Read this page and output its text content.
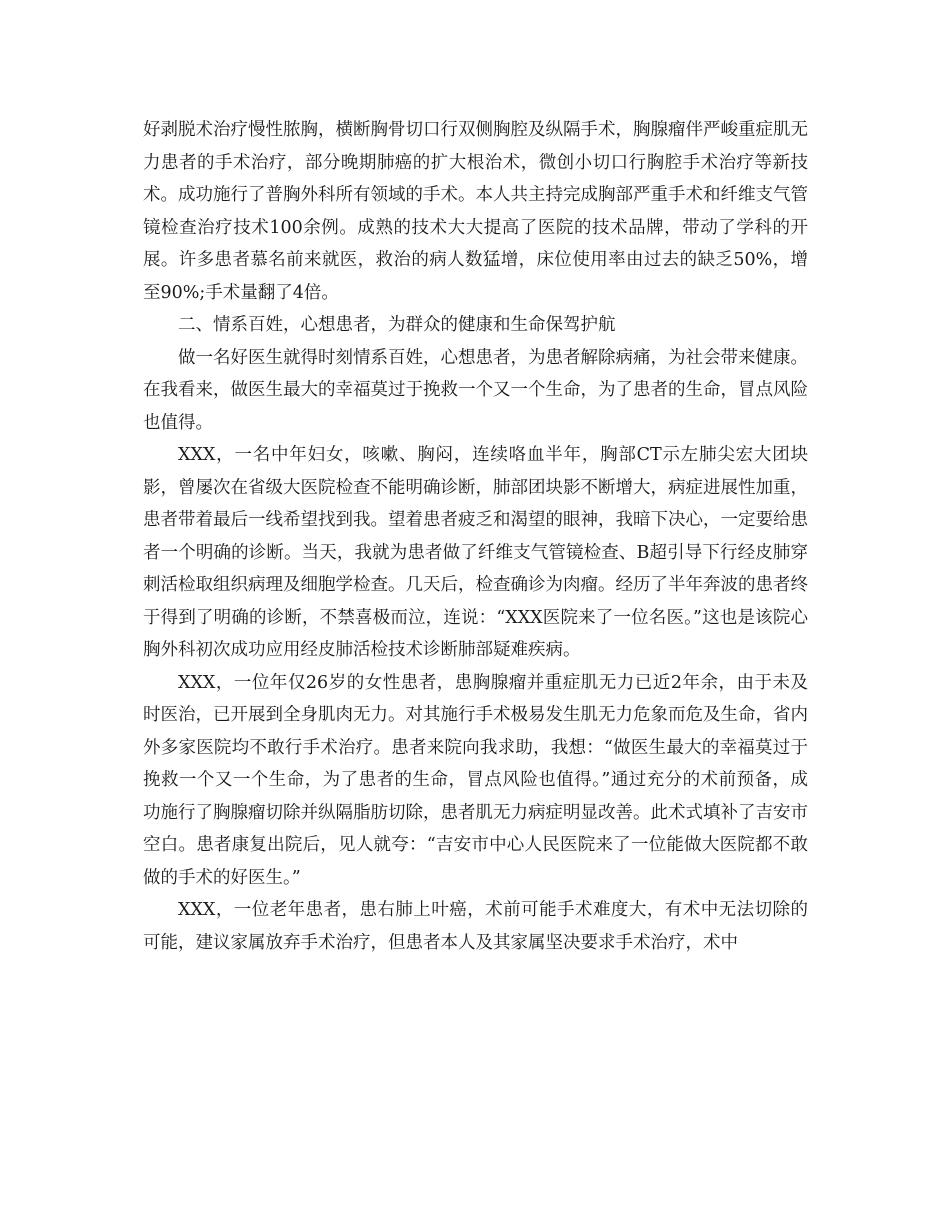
好剥脱术治疗慢性脓胸，横断胸骨切口行双侧胸腔及纵隔手术，胸腺瘤伴严峻重症肌无力患者的手术治疗，部分晚期肺癌的扩大根治术，微创小切口行胸腔手术治疗等新技术。成功施行了普胸外科所有领域的手术。本人共主持完成胸部严重手术和纤维支气管镜检查治疗技术100余例。成熟的技术大大提高了医院的技术品牌，带动了学科的开展。许多患者慕名前来就医，救治的病人数猛增，床位使用率由过去的缺乏50%，增至90%;手术量翻了4倍。

二、情系百姓，心想患者，为群众的健康和生命保驾护航

做一名好医生就得时刻情系百姓，心想患者，为患者解除病痛，为社会带来健康。在我看来，做医生最大的幸福莫过于挽救一个又一个生命，为了患者的生命，冒点风险也值得。

XXX，一名中年妇女，咳嗽、胸闷，连续咯血半年，胸部CT示左肺尖宏大团块影，曾屡次在省级大医院检查不能明确诊断，肺部团块影不断增大，病症进展性加重，患者带着最后一线希望找到我。望着患者疲乏和渴望的眼神，我暗下决心，一定要给患者一个明确的诊断。当天，我就为患者做了纤维支气管镜检查、B超引导下行经皮肺穿刺活检取组织病理及细胞学检查。几天后，检查确诊为肉瘤。经历了半年奔波的患者终于得到了明确的诊断，不禁喜极而泣，连说：“XXX医院来了一位名医。”这也是该院心胸外科初次成功应用经皮肺活检技术诊断肺部疑难疾病。

XXX，一位年仅26岁的女性患者，患胸腺瘤并重症肌无力已近2年余，由于未及时医治，已开展到全身肌肉无力。对其施行手术极易发生肌无力危象而危及生命，省内外多家医院均不敢行手术治疗。患者来院向我求助，我想：“做医生最大的幸福莫过于挽救一个又一个生命，为了患者的生命，冒点风险也值得。”通过充分的术前预备，成功施行了胸腺瘤切除并纵隔脂肪切除，患者肌无力病症明显改善。此术式填补了吉安市空白。患者康复出院后，见人就夸：“吉安市中心人民医院来了一位能做大医院都不敢做的手术的好医生。”

XXX，一位老年患者，患右肺上叶癌，术前可能手术难度大，有术中无法切除的可能，建议家属放弃手术治疗，但患者本人及其家属坚决要求手术治疗，术中
